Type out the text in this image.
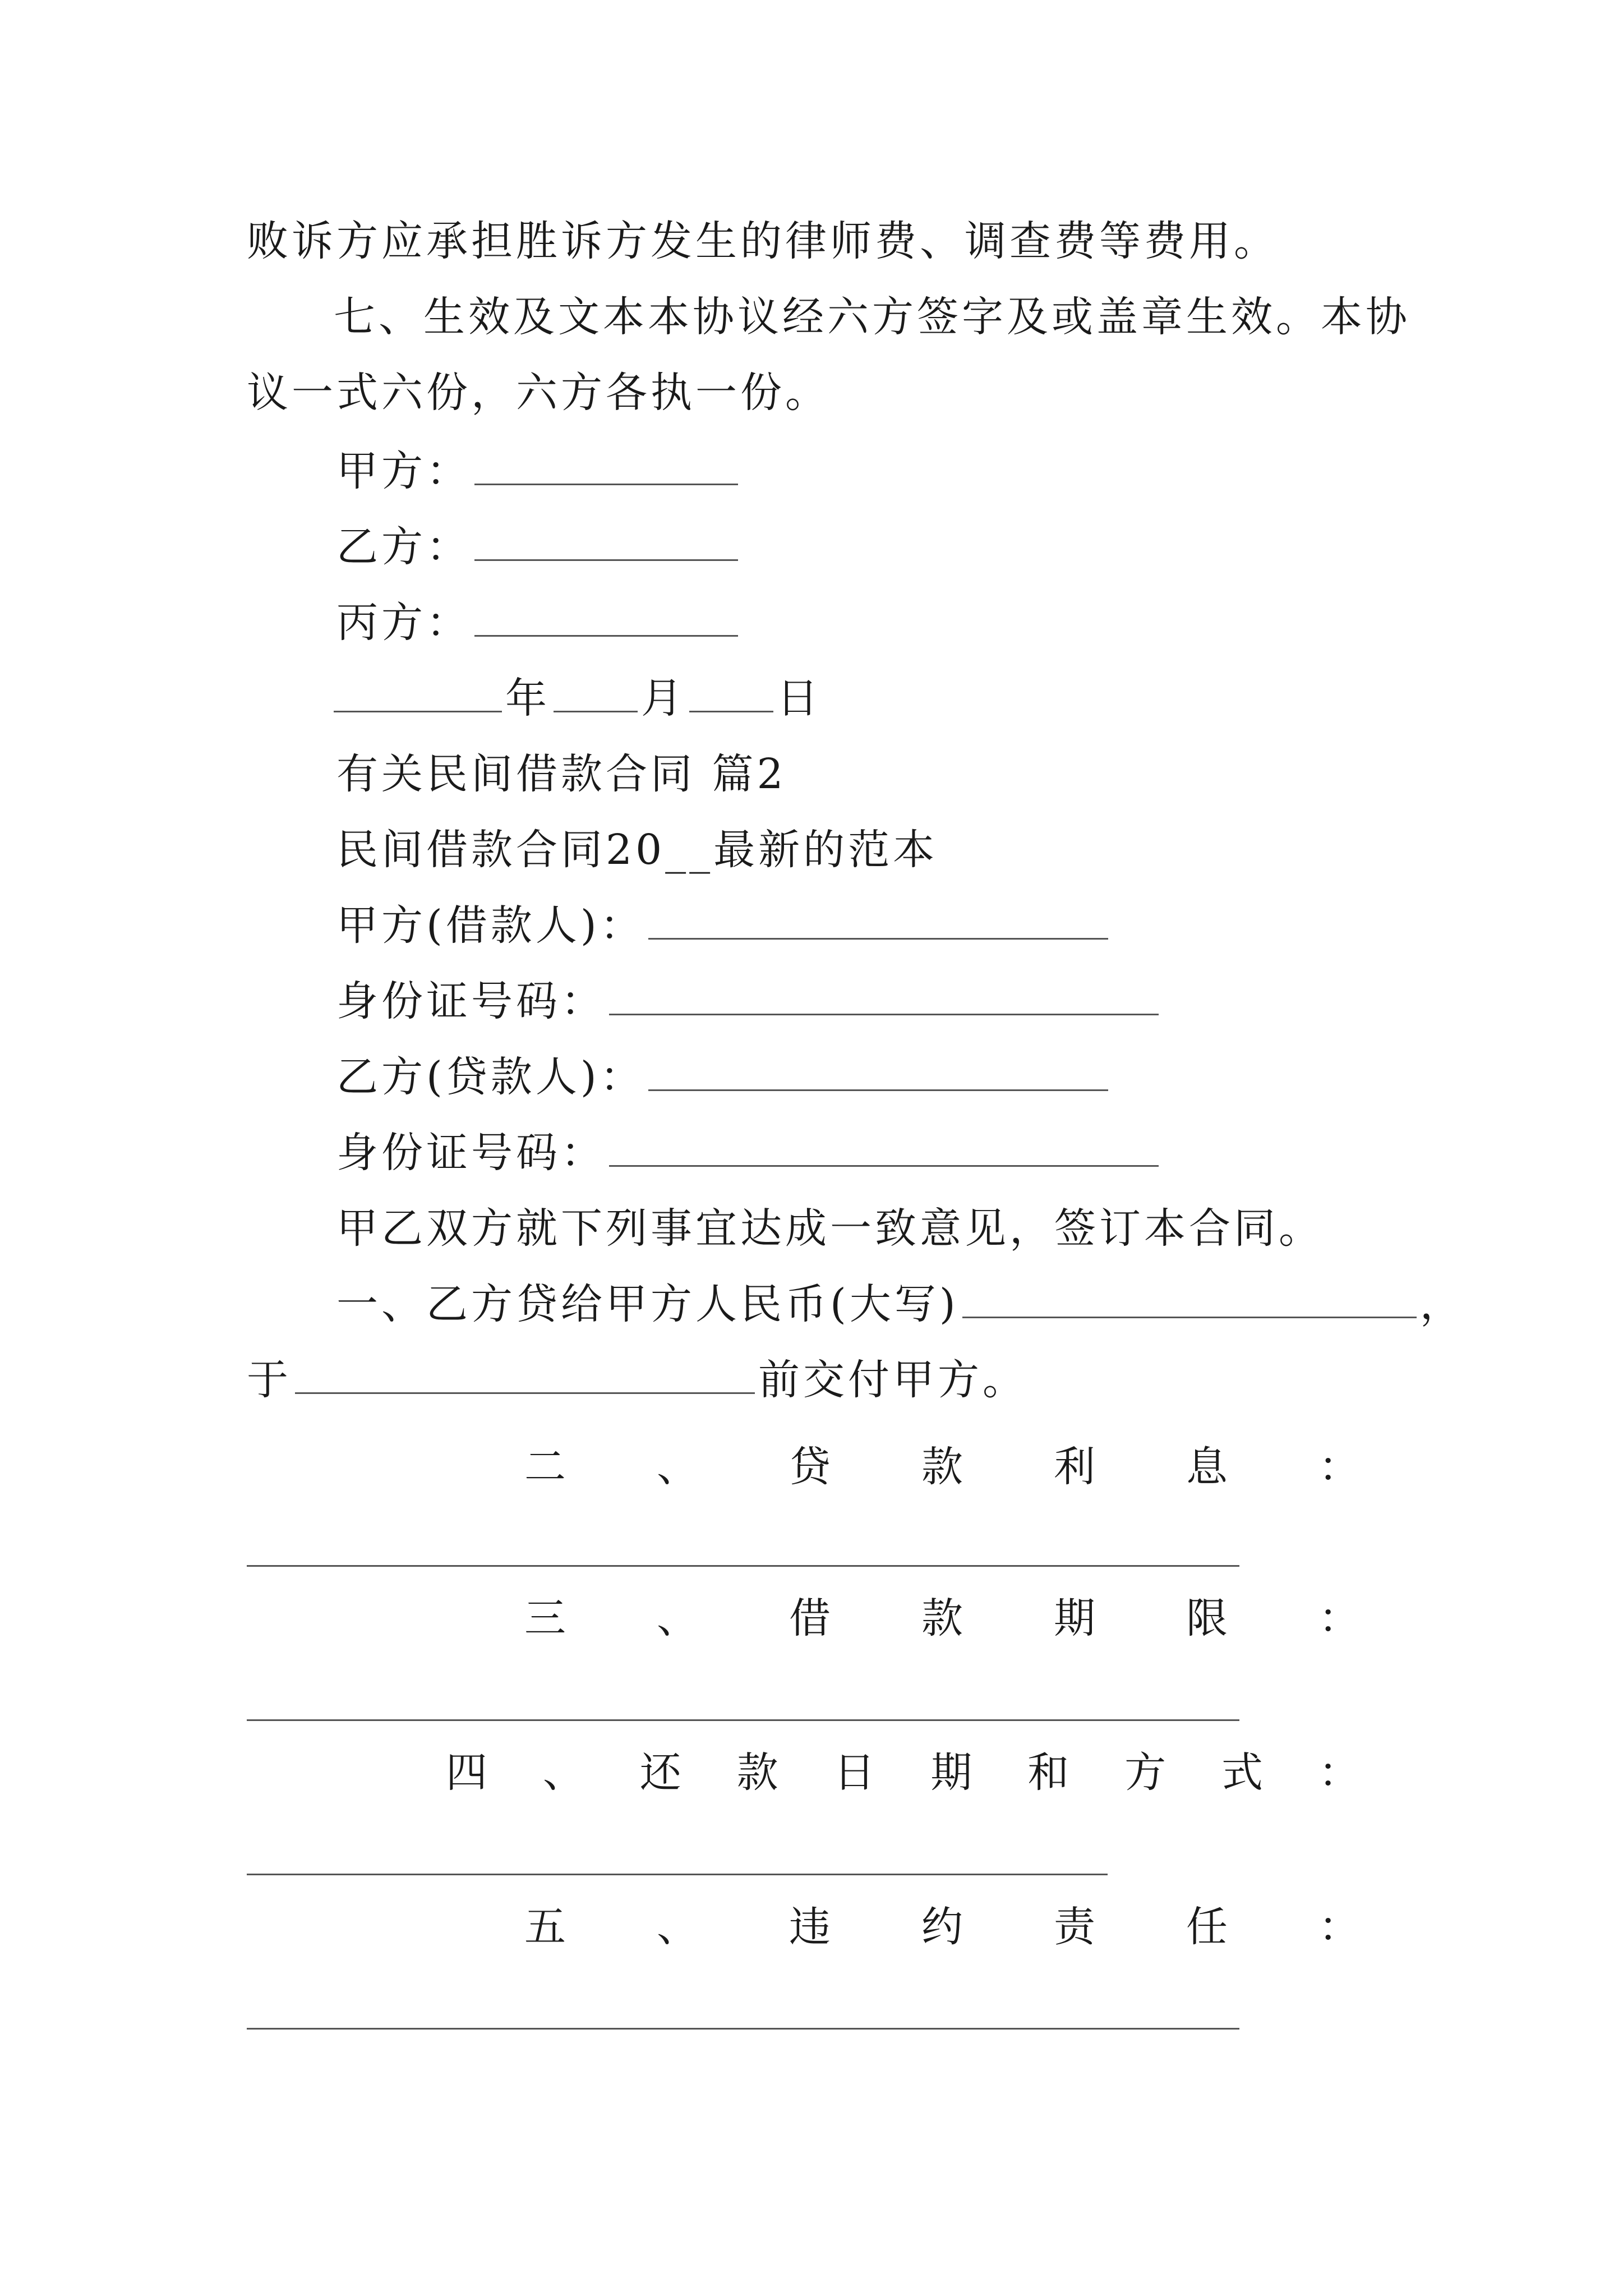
败诉方应承担胜诉方发生的律师费、调查费等费用。
七、生效及文本本协议经六方签字及或盖章生效。本协
议一式六份，六方各执一份。
甲方：
乙方：
丙方：
年 月 日
有关民间借款合同 篇2
民间借款合同20__最新的范本
甲方(借款人)：
身份证号码：
乙方(贷款人)：
身份证号码：
甲乙双方就下列事宜达成一致意见，签订本合同。
一、乙方贷给甲方人民币(大写)	，
于	前交付甲方。
二 、 贷 款 利 息 ：
三 、 借 款 期 限 ：
四 、 还 款 日 期 和 方 式 ：
五 、 违 约 责 任 ：
